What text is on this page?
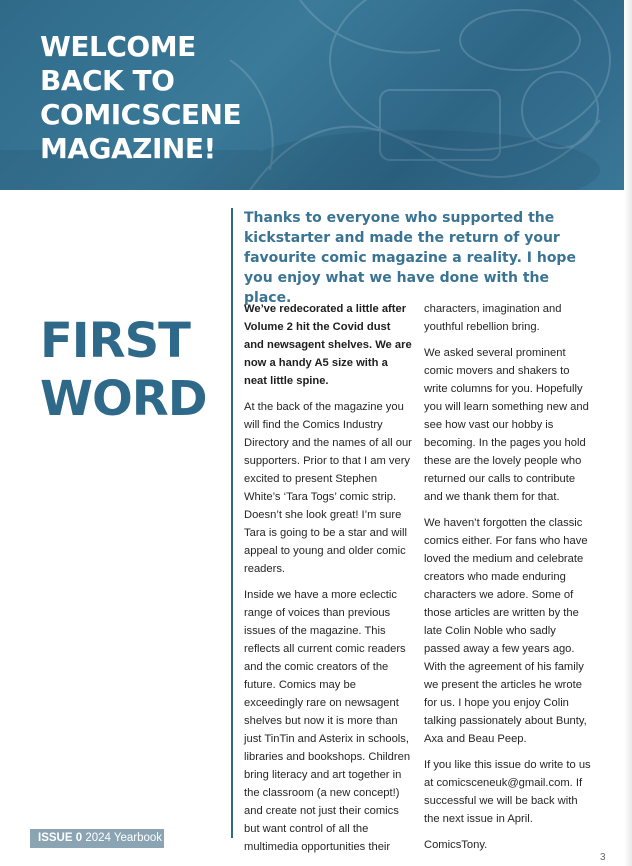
WELCOME
BACK TO
COMICSCENE
MAGAZINE!
FIRST
WORD
Thanks to everyone who supported the kickstarter and made the return of your favourite comic magazine a reality. I hope you enjoy what we have done with the place.

We’ve redecorated a little after Volume 2 hit the Covid dust and newsagent shelves. We are now a handy A5 size with a neat little spine.

At the back of the magazine you will find the Comics Industry Directory and the names of all our supporters. Prior to that I am very excited to present Stephen White’s ‘Tara Togs’ comic strip. Doesn’t she look great! I’m sure Tara is going to be a star and will appeal to young and older comic readers.

Inside we have a more eclectic range of voices than previous issues of the magazine. This reflects all current comic readers and the comic creators of the future. Comics may be exceedingly rare on newsagent shelves but now it is more than just TinTin and Asterix in schools, libraries and bookshops. Children bring literacy and art together in the classroom (a new concept!) and create not just their comics but want control of all the multimedia opportunities their

characters, imagination and youthful rebellion bring.

We asked several prominent comic movers and shakers to write columns for you. Hopefully you will learn something new and see how vast our hobby is becoming. In the pages you hold these are the lovely people who returned our calls to contribute and we thank them for that.

We haven’t forgotten the classic comics either. For fans who have loved the medium and celebrate creators who made enduring characters we adore. Some of those articles are written by the late Colin Noble who sadly passed away a few years ago. With the agreement of his family we present the articles he wrote for us. I hope you enjoy Colin talking passionately about Bunty, Axa and Beau Peep.

If you like this issue do write to us at comicsceneuk@gmail.com. If successful we will be back with the next issue in April.

ComicsTony.

ISSUE 0 2024 Yearbook
3
